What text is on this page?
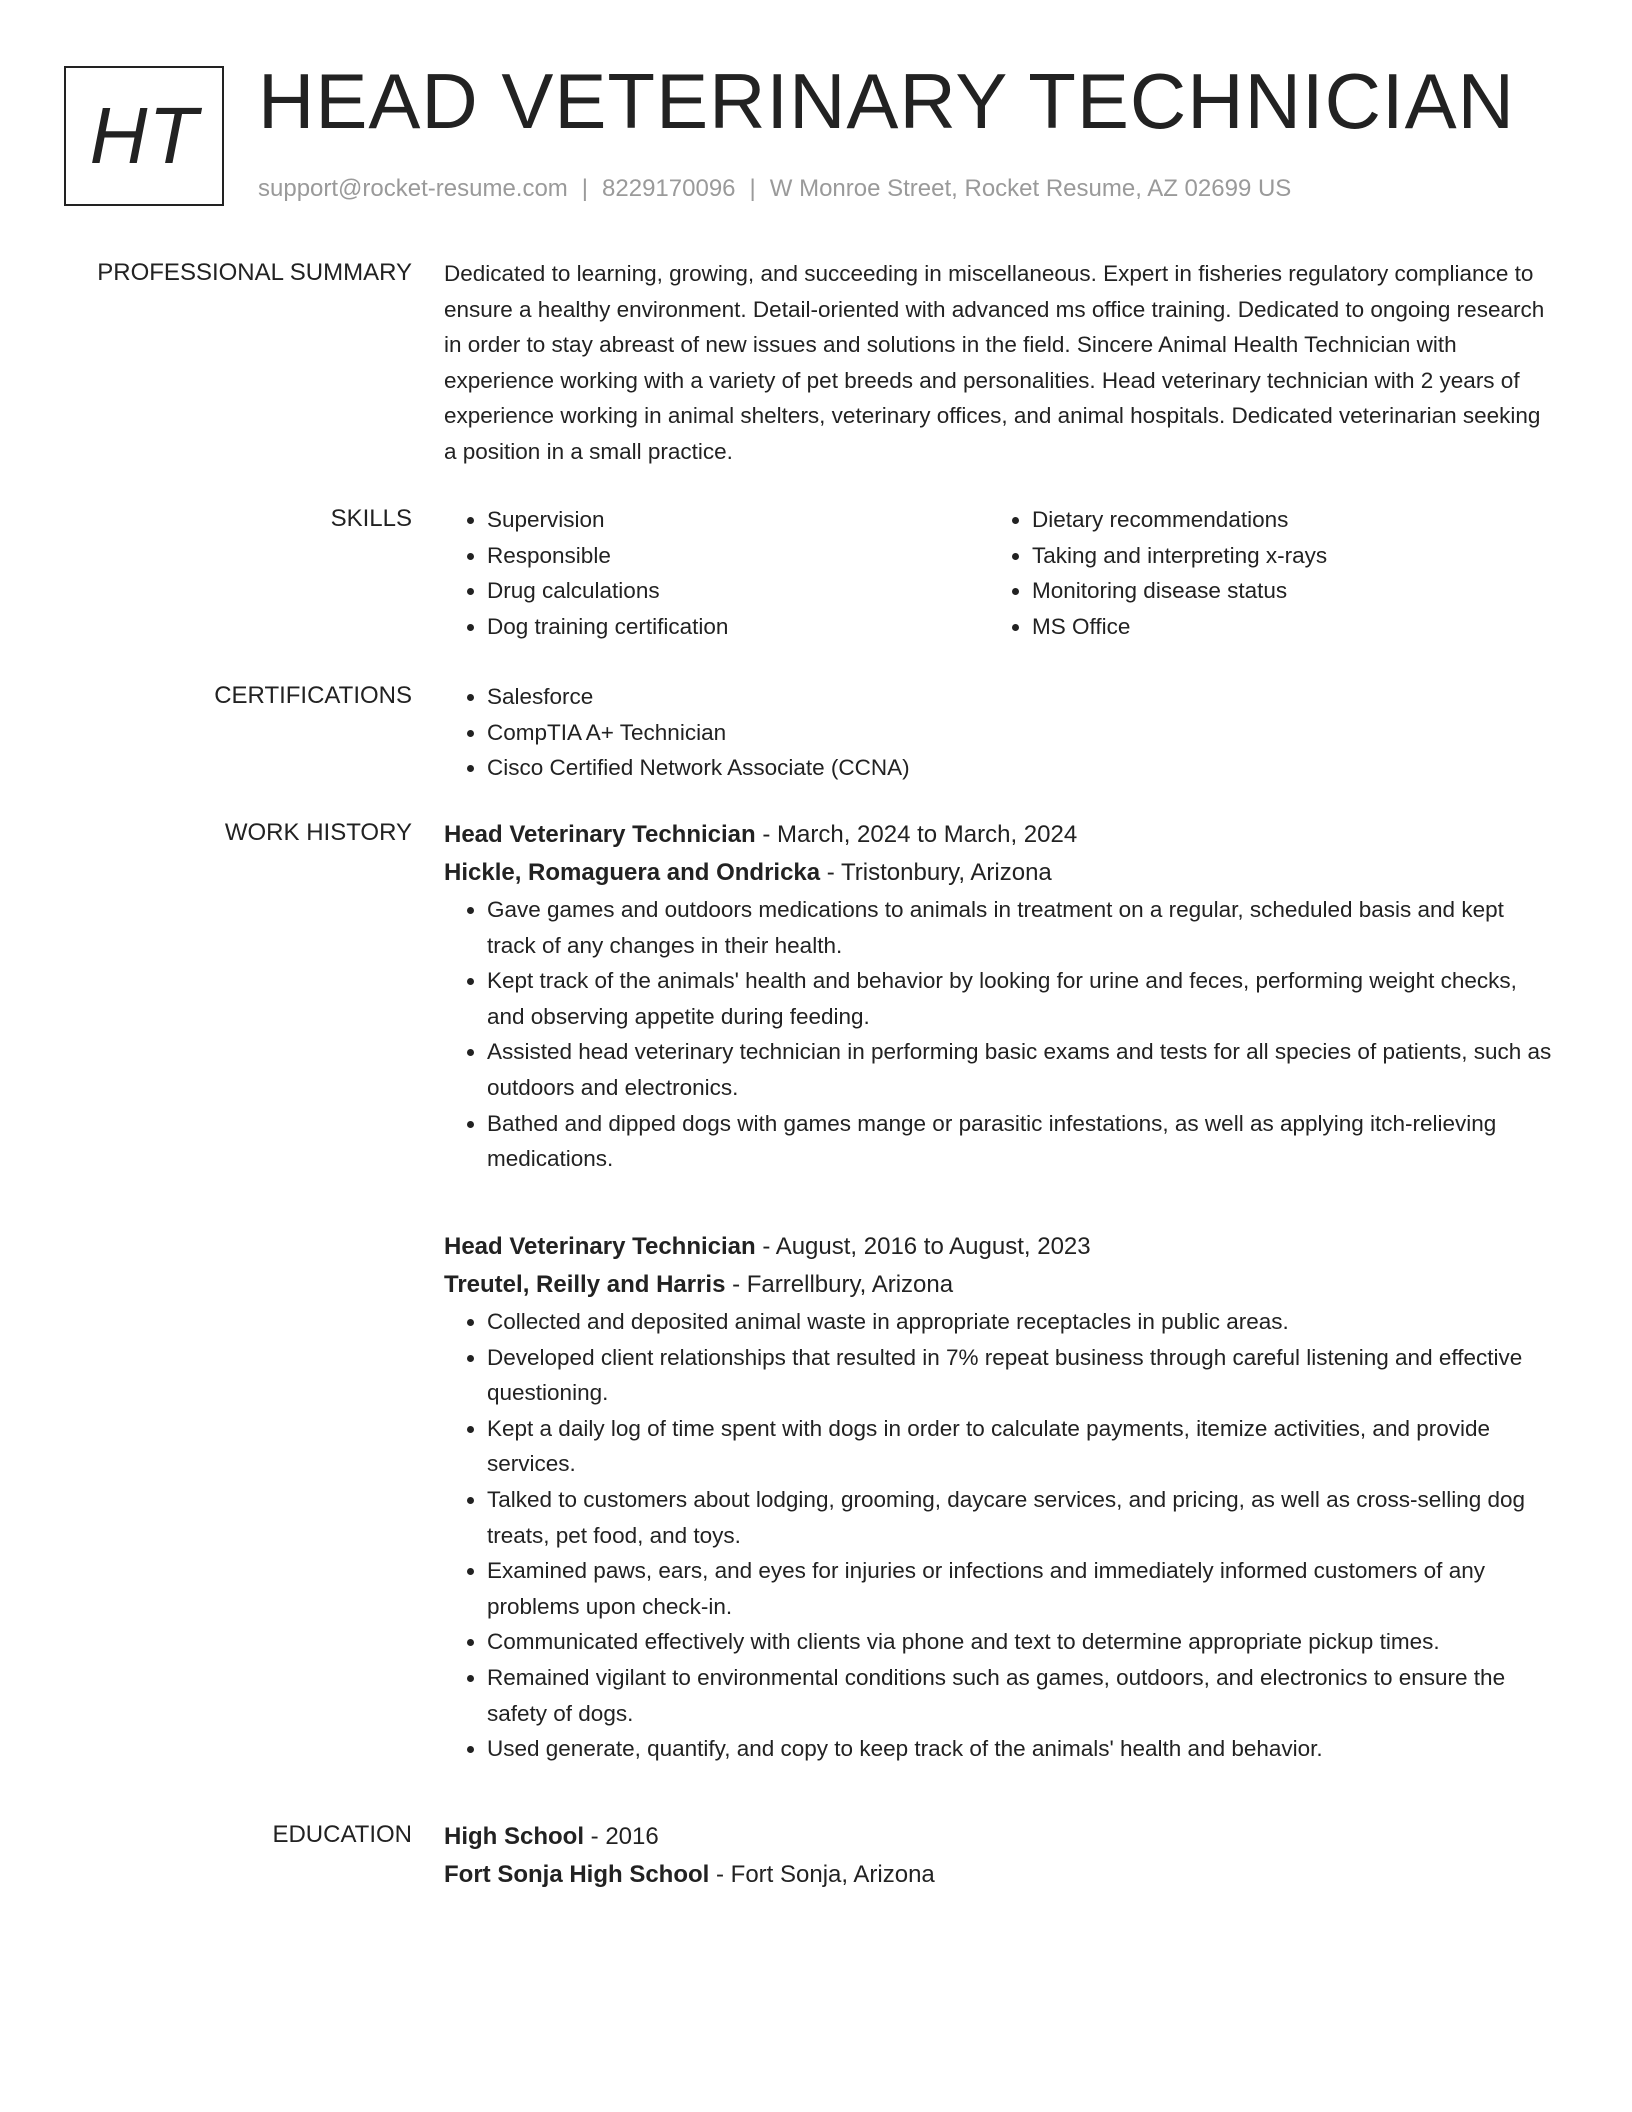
HT HEAD VETERINARY TECHNICIAN
support@rocket-resume.com | 8229170096 | W Monroe Street, Rocket Resume, AZ 02699 US
PROFESSIONAL SUMMARY Dedicated to learning, growing, and succeeding in miscellaneous. Expert in fisheries regulatory compliance to ensure a healthy environment. Detail-oriented with advanced ms office training. Dedicated to ongoing research in order to stay abreast of new issues and solutions in the field. Sincere Animal Health Technician with experience working with a variety of pet breeds and personalities. Head veterinary technician with 2 years of experience working in animal shelters, veterinary offices, and animal hospitals. Dedicated veterinarian seeking a position in a small practice.

SKILLS	• Supervision
• Responsible
• Drug calculations
• Dog training certification
• Dietary recommendations
• Taking and interpreting x-rays
• Monitoring disease status
• MS Office
CERTIFICATIONS	• Salesforce
• CompTIA A+ Technician
• Cisco Certified Network Associate (CCNA)
WORK HISTORY Head Veterinary Technician - March, 2024 to March, 2024
Hickle, Romaguera and Ondricka - Tristonbury, Arizona
• Gave games and outdoors medications to animals in treatment on a regular, scheduled basis and kept track of any changes in their health.
• Kept track of the animals' health and behavior by looking for urine and feces, performing weight checks, and observing appetite during feeding.
• Assisted head veterinary technician in performing basic exams and tests for all species of patients, such as outdoors and electronics.
• Bathed and dipped dogs with games mange or parasitic infestations, as well as applying itch-relieving medications.
Head Veterinary Technician - August, 2016 to August, 2023
Treutel, Reilly and Harris - Farrellbury, Arizona
• Collected and deposited animal waste in appropriate receptacles in public areas.
• Developed client relationships that resulted in 7% repeat business through careful listening and effective questioning.
• Kept a daily log of time spent with dogs in order to calculate payments, itemize activities, and provide services.
• Talked to customers about lodging, grooming, daycare services, and pricing, as well as cross-selling dog treats, pet food, and toys.
• Examined paws, ears, and eyes for injuries or infections and immediately informed customers of any problems upon check-in.
• Communicated effectively with clients via phone and text to determine appropriate pickup times.
• Remained vigilant to environmental conditions such as games, outdoors, and electronics to ensure the safety of dogs.
• Used generate, quantify, and copy to keep track of the animals' health and behavior.
EDUCATION High School - 2016
Fort Sonja High School - Fort Sonja, Arizona
